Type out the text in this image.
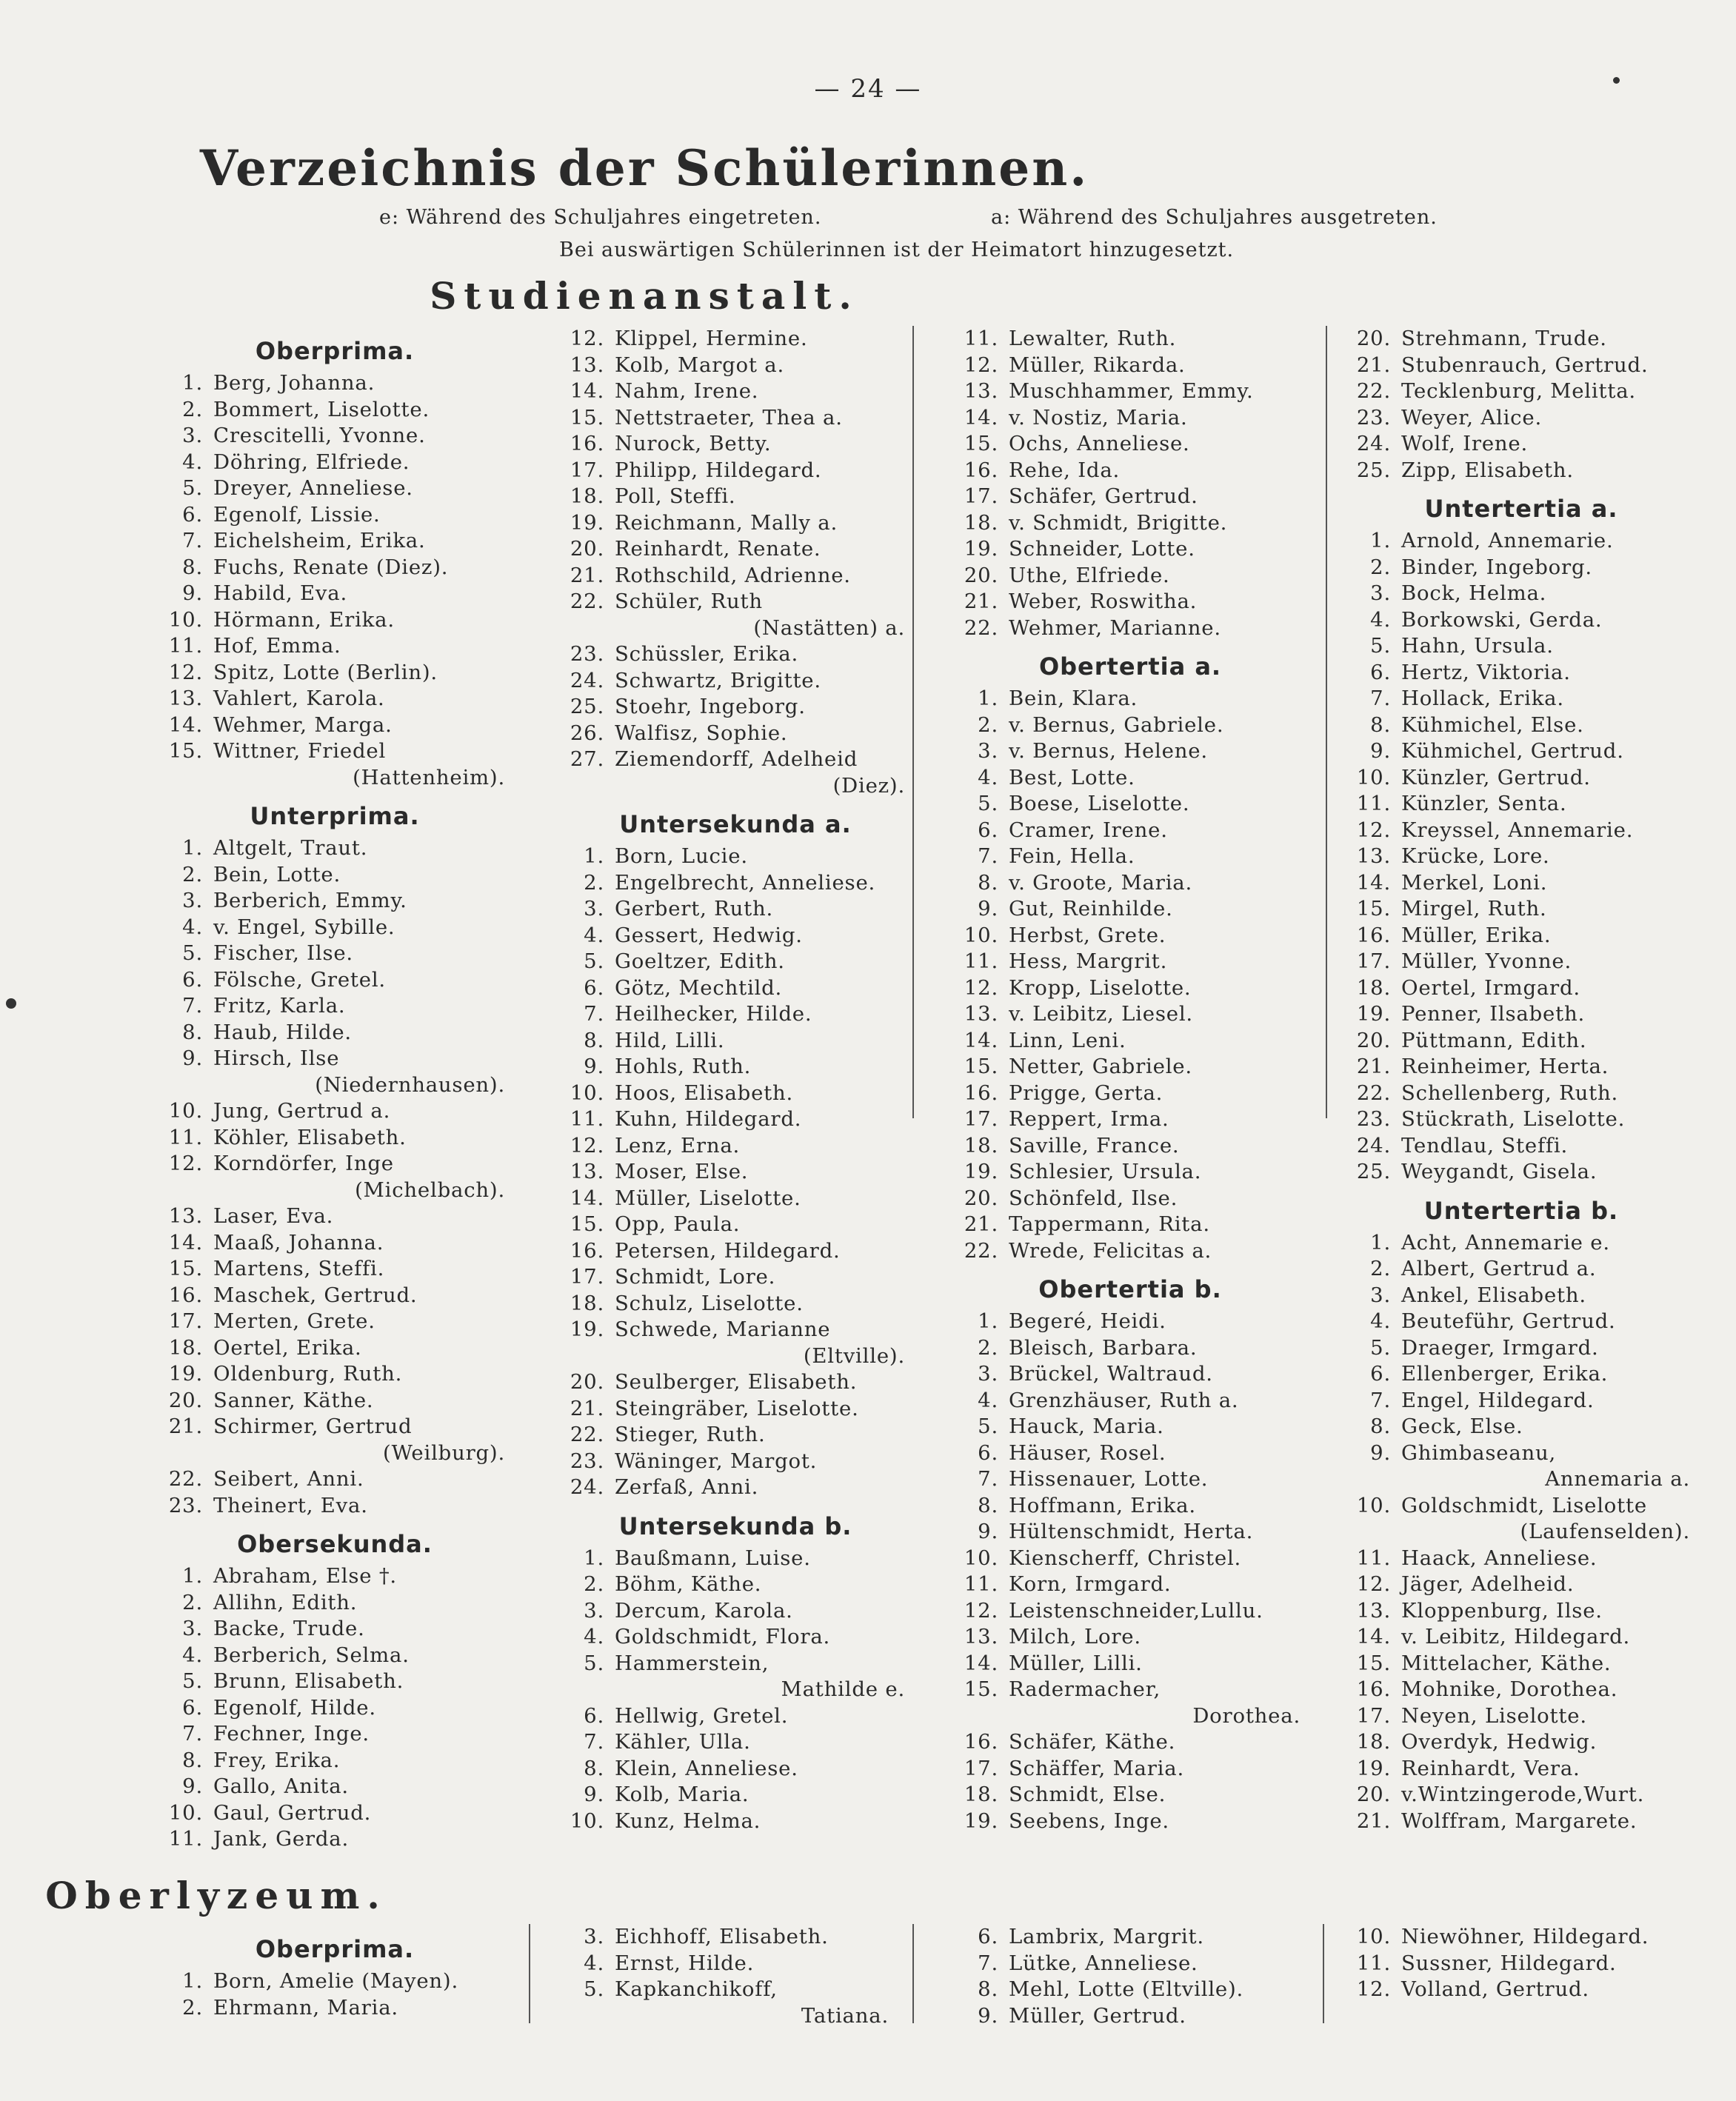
— 24 —
Verzeichnis der Schülerinnen.
e: Während des Schuljahres eingetreten.	a: Während des Schuljahres ausgetreten.
Bei auswärtigen Schülerinnen ist der Heimatort hinzugesetzt.
Studienanstalt.
Oberprima.
1. Berg, Johanna.
2. Bommert, Liselotte.
3. Crescitelli, Yvonne.
4. Döhring, Elfriede.
5. Dreyer, Anneliese.
6. Egenolf, Lissie.
7. Eichelsheim, Erika.
8. Fuchs, Renate (Diez).
9. Habild, Eva.
10. Hörmann, Erika.
11. Hof, Emma.
12. Spitz, Lotte (Berlin).
13. Vahlert, Karola.
14. Wehmer, Marga.
15. Wittner, Friedel
(Hattenheim).
Unterprima.
1. Altgelt, Traut.
2. Bein, Lotte.
3. Berberich, Emmy.
4. v. Engel, Sybille.
5. Fischer, Ilse.
6. Fölsche, Gretel.
7. Fritz, Karla.
8. Haub, Hilde.
9. Hirsch, Ilse
(Niedernhausen).
10. Jung, Gertrud a.
11. Köhler, Elisabeth.
12. Korndörfer, Inge
(Michelbach).
13. Laser, Eva.
14. Maaß, Johanna.
15. Martens, Steffi.
16. Maschek, Gertrud.
17. Merten, Grete.
18. Oertel, Erika.
19. Oldenburg, Ruth.
20. Sanner, Käthe.
21. Schirmer, Gertrud
(Weilburg).
22. Seibert, Anni.
23. Theinert, Eva.
Obersekunda.
1. Abraham, Else †.
2. Allihn, Edith.
3. Backe, Trude.
4. Berberich, Selma.
5. Brunn, Elisabeth.
6. Egenolf, Hilde.
7. Fechner, Inge.
8. Frey, Erika.
9. Gallo, Anita.
10. Gaul, Gertrud.
11. Jank, Gerda.
12. Klippel, Hermine.
13. Kolb, Margot a.
14. Nahm, Irene.
15. Nettstraeter, Thea a.
16. Nurock, Betty.
17. Philipp, Hildegard.
18. Poll, Steffi.
19. Reichmann, Mally a.
20. Reinhardt, Renate.
21. Rothschild, Adrienne.
22. Schüler, Ruth
(Nastätten) a.
23. Schüssler, Erika.
24. Schwartz, Brigitte.
25. Stoehr, Ingeborg.
26. Walfisz, Sophie.
27. Ziemendorff, Adelheid
(Diez).
Untersekunda a.
1. Born, Lucie.
2. Engelbrecht, Anneliese.
3. Gerbert, Ruth.
4. Gessert, Hedwig.
5. Goeltzer, Edith.
6. Götz, Mechtild.
7. Heilhecker, Hilde.
8. Hild, Lilli.
9. Hohls, Ruth.
10. Hoos, Elisabeth.
11. Kuhn, Hildegard.
12. Lenz, Erna.
13. Moser, Else.
14. Müller, Liselotte.
15. Opp, Paula.
16. Petersen, Hildegard.
17. Schmidt, Lore.
18. Schulz, Liselotte.
19. Schwede, Marianne
(Eltville).
20. Seulberger, Elisabeth.
21. Steingräber, Liselotte.
22. Stieger, Ruth.
23. Wäninger, Margot.
24. Zerfaß, Anni.
Untersekunda b.
1. Baußmann, Luise.
2. Böhm, Käthe.
3. Dercum, Karola.
4. Goldschmidt, Flora.
5. Hammerstein,
Mathilde e.
6. Hellwig, Gretel.
7. Kähler, Ulla.
8. Klein, Anneliese.
9. Kolb, Maria.
10. Kunz, Helma.
11. Lewalter, Ruth.
12. Müller, Rikarda.
13. Muschhammer, Emmy.
14. v. Nostiz, Maria.
15. Ochs, Anneliese.
16. Rehe, Ida.
17. Schäfer, Gertrud.
18. v. Schmidt, Brigitte.
19. Schneider, Lotte.
20. Uthe, Elfriede.
21. Weber, Roswitha.
22. Wehmer, Marianne.
Obertertia a.
1. Bein, Klara.
2. v. Bernus, Gabriele.
3. v. Bernus, Helene.
4. Best, Lotte.
5. Boese, Liselotte.
6. Cramer, Irene.
7. Fein, Hella.
8. v. Groote, Maria.
9. Gut, Reinhilde.
10. Herbst, Grete.
11. Hess, Margrit.
12. Kropp, Liselotte.
13. v. Leibitz, Liesel.
14. Linn, Leni.
15. Netter, Gabriele.
16. Prigge, Gerta.
17. Reppert, Irma.
18. Saville, France.
19. Schlesier, Ursula.
20. Schönfeld, Ilse.
21. Tappermann, Rita.
22. Wrede, Felicitas a.
Obertertia b.
1. Begeré, Heidi.
2. Bleisch, Barbara.
3. Brückel, Waltraud.
4. Grenzhäuser, Ruth a.
5. Hauck, Maria.
6. Häuser, Rosel.
7. Hissenauer, Lotte.
8. Hoffmann, Erika.
9. Hültenschmidt, Herta.
10. Kienscherff, Christel.
11. Korn, Irmgard.
12. Leistenschneider,Lullu.
13. Milch, Lore.
14. Müller, Lilli.
15. Radermacher,
Dorothea.
16. Schäfer, Käthe.
17. Schäffer, Maria.
18. Schmidt, Else.
19. Seebens, Inge.
20. Strehmann, Trude.
21. Stubenrauch, Gertrud.
22. Tecklenburg, Melitta.
23. Weyer, Alice.
24. Wolf, Irene.
25. Zipp, Elisabeth.
Untertertia a.
1. Arnold, Annemarie.
2. Binder, Ingeborg.
3. Bock, Helma.
4. Borkowski, Gerda.
5. Hahn, Ursula.
6. Hertz, Viktoria.
7. Hollack, Erika.
8. Kühmichel, Else.
9. Kühmichel, Gertrud.
10. Künzler, Gertrud.
11. Künzler, Senta.
12. Kreyssel, Annemarie.
13. Krücke, Lore.
14. Merkel, Loni.
15. Mirgel, Ruth.
16. Müller, Erika.
17. Müller, Yvonne.
18. Oertel, Irmgard.
19. Penner, Ilsabeth.
20. Püttmann, Edith.
21. Reinheimer, Herta.
22. Schellenberg, Ruth.
23. Stückrath, Liselotte.
24. Tendlau, Steffi.
25. Weygandt, Gisela.
Untertertia b.
1. Acht, Annemarie e.
2. Albert, Gertrud a.
3. Ankel, Elisabeth.
4. Beuteführ, Gertrud.
5. Draeger, Irmgard.
6. Ellenberger, Erika.
7. Engel, Hildegard.
8. Geck, Else.
9. Ghimbaseanu,
Annemaria a.
10. Goldschmidt, Liselotte
(Laufenselden).
11. Haack, Anneliese.
12. Jäger, Adelheid.
13. Kloppenburg, Ilse.
14. v. Leibitz, Hildegard.
15. Mittelacher, Käthe.
16. Mohnike, Dorothea.
17. Neyen, Liselotte.
18. Overdyk, Hedwig.
19. Reinhardt, Vera.
20. v.Wintzingerode,Wurt.
21. Wolffram, Margarete.
Oberlyzeum.
Oberprima.
1. Born, Amelie (Mayen).
2. Ehrmann, Maria.
3. Eichhoff, Elisabeth.
4. Ernst, Hilde.
5. Kapkanchikoff,
Tatiana.
6. Lambrix, Margrit.
7. Lütke, Anneliese.
8. Mehl, Lotte (Eltville).
9. Müller, Gertrud.
10. Niewöhner, Hildegard.
11. Sussner, Hildegard.
12. Volland, Gertrud.
